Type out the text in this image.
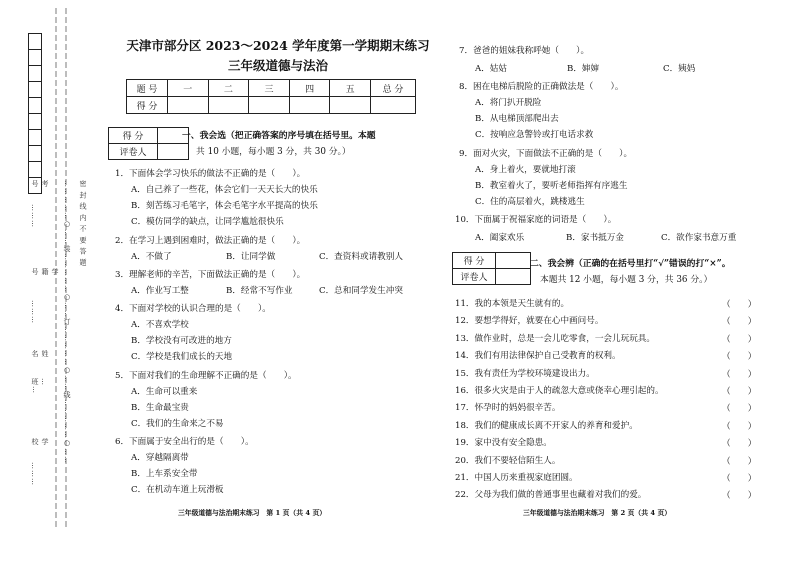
……………○……装……………○……订……………○……线……………○…… 密 封 线 内 不 要 答 题
考号
………
学籍号
………
姓名
…班…
学校
………
天津市部分区 2023～2024 学年度第一学期期末练习
三年级道德与法治
题 号	一	二	三	四	五	总 分
得 分						
得 分	
评卷人	
一、我会选（把正确答案的序号填在括号里。本题
共 10 小题，每小题 3 分，共 30 分。）
1．下面体会学习快乐的做法不正确的是（　　）。
A．自己养了一些花，体会它们一天天长大的快乐
B．刻苦练习毛笔字，体会毛笔字水平提高的快乐
C．模仿同学的缺点，让同学尴尬很快乐
2．在学习上遇到困难时，做法正确的是（　　）。
A．不做了	B．让同学做	C．查资料或请教别人
3．理解老师的辛苦，下面做法正确的是（　　）。
A．作业写工整	B．经常不写作业	C．总和同学发生冲突
4．下面对学校的认识合理的是（　　）。
A．不喜欢学校
B．学校没有可改进的地方
C．学校是我们成长的天地
5．下面对我们的生命理解不正确的是（　　）。
A．生命可以重来
B．生命最宝贵
C．我们的生命来之不易
6．下面属于安全出行的是（　　）。
A．穿越隔离带
B．上车系安全带
C．在机动车道上玩滑板
7．爸爸的姐妹我称呼她（　　）。
A．姑姑	B．婶婶	C．姨妈
8．困在电梯后脱险的正确做法是（　　）。
A．将门扒开脱险
B．从电梯顶部爬出去
C．按响应急警铃或打电话求救
9．面对火灾，下面做法不正确的是（　　）。
A．身上着火，要就地打滚
B．教室着火了，要听老师指挥有序逃生
C．住的高层着火，跳楼逃生
10．下面属于祝福家庭的词语是（　　）。
A．阖家欢乐	B．家书抵万金	C．欲作家书意万重
得 分	
评卷人	
二、我会辨（正确的在括号里打“√”错误的打“×”。
本题共 12 小题，每小题 3 分，共 36 分。）
11．我的本领是天生就有的。	（　　）
12．要想学得好，就要在心中画问号。	（　　）
13．做作业时，总是一会儿吃零食，一会儿玩玩具。	（　　）
14．我们有用法律保护自己受教育的权利。	（　　）
15．我有责任为学校环境建设出力。	（　　）
16．很多火灾是由于人的疏忽大意或侥幸心理引起的。	（　　）
17．怀孕时的妈妈很辛苦。	（　　）
18．我们的健康成长离不开家人的养育和爱护。	（　　）
19．家中没有安全隐患。	（　　）
20．我们不要轻信陌生人。	（　　）
21．中国人历来重视家庭团圆。	（　　）
22．父母为我们做的普通事里也藏着对我们的爱。	（　　）
三年级道德与法治期末练习　第 1 页（共 4 页）	三年级道德与法治期末练习　第 2 页（共 4 页）
